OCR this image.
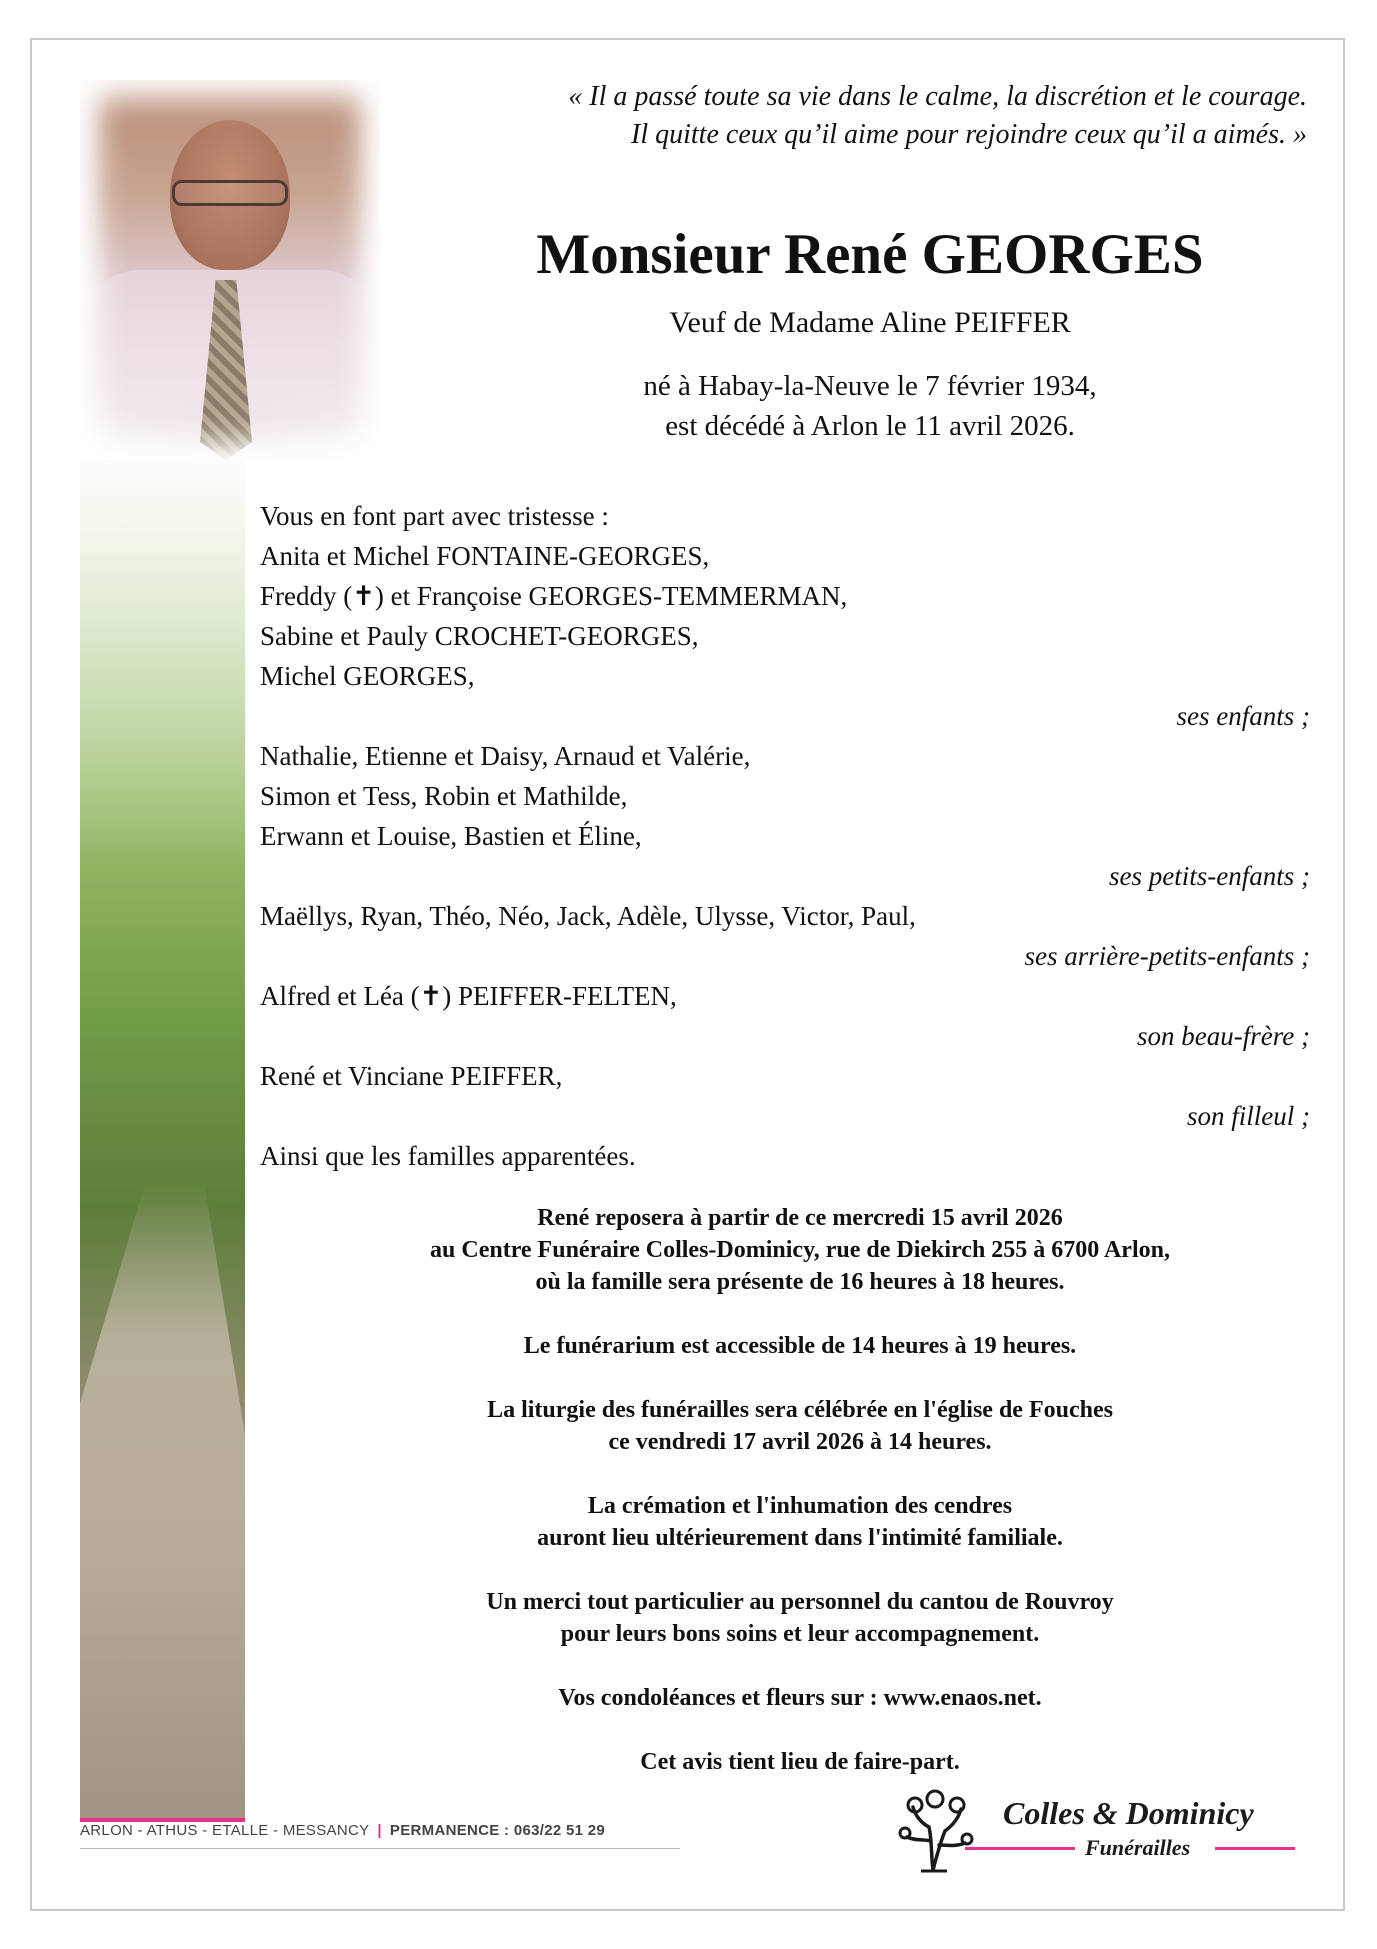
« Il a passé toute sa vie dans le calme, la discrétion et le courage.
Il quitte ceux qu’il aime pour rejoindre ceux qu’il a aimés. »
Monsieur René GEORGES
Veuf de Madame Aline PEIFFER
né à Habay-la-Neuve le 7 février 1934,
est décédé à Arlon le 11 avril 2026.
Vous en font part avec tristesse :
Anita et Michel FONTAINE-GEORGES,
Freddy (✝) et Françoise GEORGES-TEMMERMAN,
Sabine et Pauly CROCHET-GEORGES,
Michel GEORGES,
ses enfants ;
Nathalie, Etienne et Daisy, Arnaud et Valérie,
Simon et Tess, Robin et Mathilde,
Erwann et Louise, Bastien et Éline,
ses petits-enfants ;
Maëllys, Ryan, Théo, Néo, Jack, Adèle, Ulysse, Victor, Paul,
ses arrière-petits-enfants ;
Alfred et Léa (✝) PEIFFER-FELTEN,
son beau-frère ;
René et Vinciane PEIFFER,
son filleul ;
Ainsi que les familles apparentées.

René reposera à partir de ce mercredi 15 avril 2026
au Centre Funéraire Colles-Dominicy, rue de Diekirch 255 à 6700 Arlon,
où la famille sera présente de 16 heures à 18 heures.

Le funérarium est accessible de 14 heures à 19 heures.

La liturgie des funérailles sera célébrée en l'église de Fouches
ce vendredi 17 avril 2026 à 14 heures.

La crémation et l'inhumation des cendres
auront lieu ultérieurement dans l'intimité familiale.

Un merci tout particulier au personnel du cantou de Rouvroy
pour leurs bons soins et leur accompagnement.

Vos condoléances et fleurs sur : www.enaos.net.

Cet avis tient lieu de faire-part.

ARLON - ATHUS - ETALLE - MESSANCY | PERMANENCE : 063/22 51 29	Colles & Dominicy
Funérailles
